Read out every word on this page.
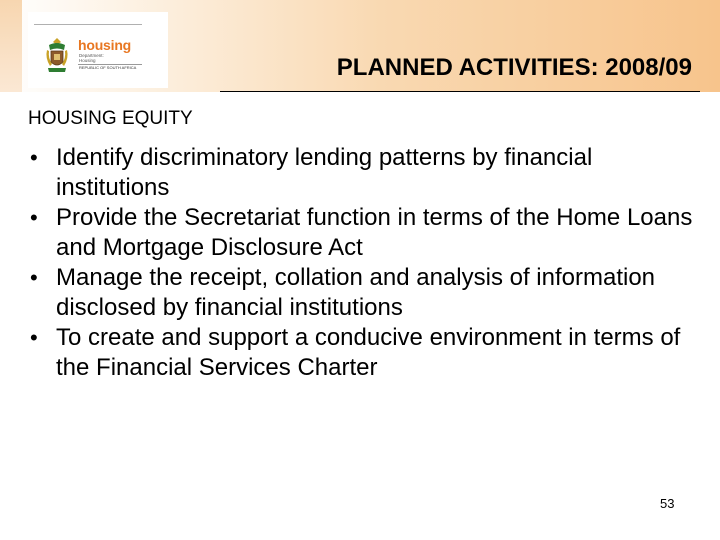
housing
Department:
Housing
REPUBLIC OF SOUTH AFRICA	PLANNED ACTIVITIES: 2008/09
HOUSING EQUITY
• Identify discriminatory lending patterns by financial institutions
• Provide the Secretariat function in terms of the Home Loans and Mortgage Disclosure Act
• Manage the receipt, collation and analysis of information disclosed by financial institutions
• To create and support a conducive environment in terms of the Financial Services Charter
53
